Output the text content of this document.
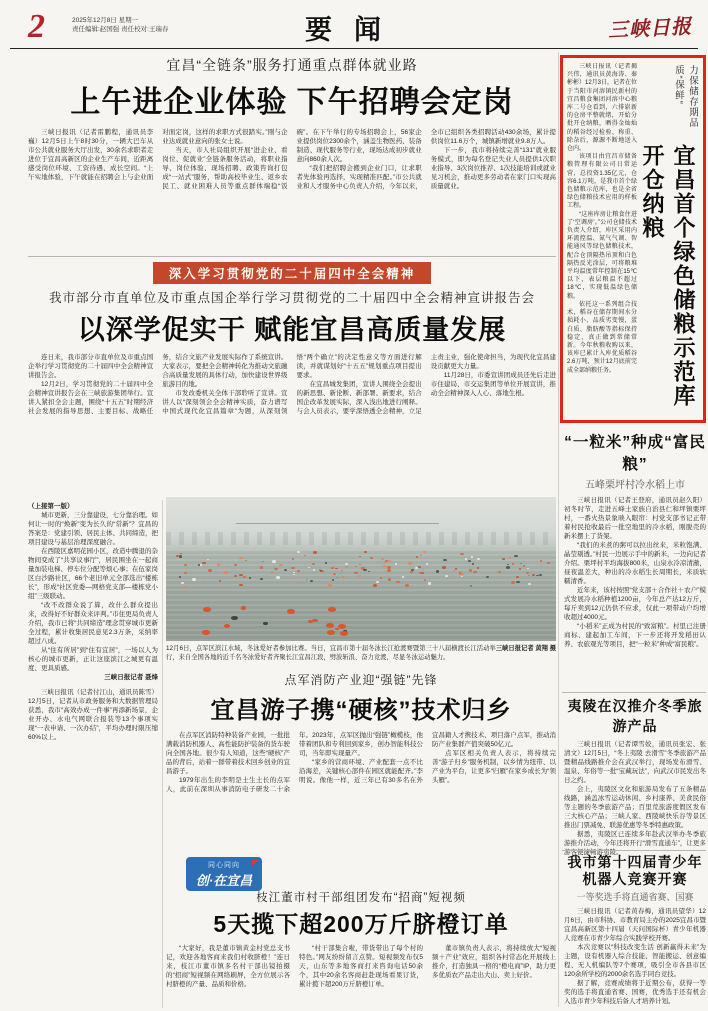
2	2025年12月8日 星期一
责任编辑:赵国强 责任校对:王瑞春	要闻	三峡日报
宜昌“全链条”服务打通重点群体就业路
上午进企业体验 下午招聘会定岗

三峡日报讯（记者雷鹏程，通讯员李巍）12月5日上午8时30分，一辆大巴车从市公共就业服务大厅出发，30余名求职者走进位于宜昌高新区的企业生产车间，近距离感受岗位环境、工资待遇、成长空间。“上午实地体验，下午就能在招聘会上与企业面对面定岗，这样的求职方式很踏实。”刚与企业达成就业意向的张女士说。

当天，市人社局组织开展“进企业、看岗位、促就业”全链条服务活动，将职业指导、岗位体验、现场招聘、政策咨询打包成“一站式”服务，帮助高校毕业生、返乡农民工、就业困难人员等重点群体端稳“饭碗”。在下午举行的专场招聘会上，56家企业提供岗位2300余个，涵盖生物医药、装备制造、现代服务等行业，现场达成初步就业意向860余人次。

“我们把招聘会搬到企业门口，让求职者先体验再选择，实现精准匹配。”市公共就业和人才服务中心负责人介绍，今年以来，全市已组织各类招聘活动430余场，累计提供岗位11.6万个，城镇新增就业9.8万人。

下一步，我市将持续完善“131”就业服务模式，即为每名登记失业人员提供1次职业指导、3次岗位推荐、1次技能培训或就业见习机会，推动更多劳动者在家门口实现高质量就业。

深入学习贯彻党的二十届四中全会精神
我市部分市直单位及市重点国企举行学习贯彻党的二十届四中全会精神宣讲报告会
以深学促实干 赋能宜昌高质量发展

连日来，我市部分市直单位及市重点国企举行学习贯彻党的二十届四中全会精神宣讲报告会。

12月2日，学习贯彻党的二十届四中全会精神宣讲报告会在三峡旅游集团举行。宣讲人紧扣全会主题，围绕“十五五”时期经济社会发展的指导思想、主要目标、战略任务，结合文旅产业发展实际作了系统宣讲。大家表示，要把全会精神转化为推动文旅融合高质量发展的具体行动，加快建设世界级旅游目的地。

市发改委机关全体干部聆听了宣讲。宣讲人以“深刻领会全会精神实质，奋力谱写中国式现代化宜昌篇章”为题，从深刻领悟“两个确立”的决定性意义等方面进行解读，并就谋划好“十五五”规划重点项目提出要求。

在宜昌城发集团，宣讲人围绕全会提出的新思想、新论断、新部署、新要求，结合国企改革发展实际，深入浅出地进行阐释。与会人员表示，要学深悟透全会精神，立足主责主业，强化使命担当，为现代化宜昌建设贡献更大力量。

11月28日，市委宣讲团成员还先后走进市住建局、市交运集团等单位开展宣讲，推动全会精神深入人心、落地生根。

（上接第一版）

城市更新，三分靠建设，七分靠治理。如何让一时的“焕新”变为长久的“常新”？宜昌的答案是：党建引领、居民主体、共同缔造，把项目建设与基层治理深度融合。

在西陵区嘉明花园小区，改造中腾退的杂物间变成了“共享议事厅”，居民围坐在一起商量加装电梯、停车位分配等烦心事；在伍家岗区白沙路社区，66个老旧单元全部选出“楼栋长”，形成“社区党委—网格党支部—楼栋党小组”三级联动。

“改不改群众说了算，改什么群众提出来，改得好不好群众来评判。”市住更局负责人介绍，我市已将“共同缔造”理念贯穿城市更新全过程，累计收集居民意见2.3万条，采纳率超过八成。

从“住有所居”到“住有宜居”，一场以人为核心的城市更新，正让这座滨江之城更有温度、更具质感。

三峡日报记者 聂烽

三峡日报讯（记者付江山，通讯员陈雪）12月5日，记者从市政务服务和大数据管理局获悉，我市“高效办成一件事”再添新场景，企业开办、水电气网联合报装等13个事项实现“一表申请、一次办结”，平均办理时限压缩60%以上。

三峡日报记者 黄翔 摄
12月6日，点军区滨江水域，冬泳爱好者参加比赛。当日，宜昌市第十届冬泳长江抢渡赛暨第三十八届横渡长江活动举行，来自全国各地的近千名冬泳爱好者齐聚长江宜昌江段，劈波斩浪、奋力竞渡，尽显冬泳运动魅力。
点军消防产业迎“强链”先锋
宜昌游子携“硬核”技术归乡

在点军区消防特种装备产业园，一批批满载消防机器人、高性能防护装备的货车驶向全国各地。很少有人知道，这些“硬核”产品的背后，站着一群带着技术回乡创业的宜昌游子。

1979年出生的李明是土生土长的点军人，此前在深圳从事消防电子研发二十余年。2023年，点军区抛出“强链”橄榄枝，他带着团队和专利回到家乡，创办智能科技公司，当年即实现量产。

“家乡的营商环境、产业配套一点不比沿海差，关键核心部件在园区就能配齐。”李明说。像他一样，近三年已有30多名在外宜昌籍人才携技术、项目落户点军，推动消防产业集群产值突破50亿元。

点军区相关负责人表示，将持续完善“游子归乡”服务机制，以乡情为纽带、以产业为平台，让更多“归雁”在家乡成长为“领头雁”。

同心同向
创·在宜昌
枝江董市村干部组团发布“招商”短视频
5天揽下超200万斤脐橙订单

“大家好，我是董市镇黄金村党总支书记，欢迎各地客商来我们村收脐橙！”连日来，枝江市董市镇多名村干部出镜拍摄的“招商”短视频在网络刷屏，全方位展示各村脐橙的产量、品质和价格。

“村干部集合啦，带货带出了每个村的特色。”网友纷纷留言点赞。短视频发布仅5天，山东等多地客商打来咨询电话50余个，其中20余名客商赶赴现场看果订货，累计揽下超200万斤脐橙订单。

董市镇负责人表示，将持续放大“短视频＋产业”效应，组织各村常态化开展线上推介，打造独具一格的“橙电商”IP，助力更多优质农产品走出大山、卖上好价。

三峡日报讯（记者揭兴伟，通讯员黄海涛、秦彬彬）12月3日，记者在位于当阳市河溶镇民新村的宜昌粮食集团河溶中心粮库二号仓看到，六排崭新的仓房平整就绪，开始分批开仓纳粮，晒得金灿灿的稻谷经过检验、称重、除杂后，源源不断地送入仓内。

该项目由宜昌市储备粮管理有限公司日常运营，总投资1.35亿元，仓容6.1万吨，是我市首个绿色储粮示范库，也是全省绿色储粮技术应用的样板工程。

“这座库房让粮食住进了‘空调房’。”公司仓储技术负责人介绍，库区采用内环流控温、氮气气调、智能通风等绿色储粮技术，配合仓顶隔热吊顶和白色隔热反光涂层，可将粮堆平均温度常年控制在15℃以下，表层粮温不超过18℃，实现低温绿色储粮。

依托这一系列组合技术，稻谷在储存期间水分损耗小、品质劣变慢，蛋白质、脂肪酸等指标保持稳定，真正做到常储常新。今年秋粮收购以来，该库已累计入库优质稻谷2.6万吨，预计12月底前完成全部纳粮任务。

力保储存期品质“保鲜”
宜昌首个绿色储粮示范库开仓纳粮
“一粒米”种成“富民粮”
五峰栗坪村冷水稻上市

三峡日报讯（记者王登府，通讯员赵久阳）初冬时节，走进五峰土家族自治县仁和坪镇栗坪村，一番火热景象映入眼帘：村党支部书记正带着村民抢收最后一批空地里的冷水稻，刚脱壳的新米摆上了货架。

“我们的米煮的粥可以拉出丝来，米粒饱满、晶莹剔透。”村民一边展示手中的新米，一边向记者介绍。栗坪村平均海拔800米，山泉水冷凉清澈，昼夜温差大，种出的冷水稻生长周期长，米质软糯清香。

近年来，该村按照“党支部＋合作社＋农户”模式发展冷水稻种植1200亩，今年总产达12万斤，每斤卖到12元仍供不应求，仅此一项带动户均增收超过4000元。

“小稻米”正成为村民的“致富粮”。村里已注册商标、建起加工车间，下一步还将开发稻田认养、农旅观光等项目，把“一粒米”种成“富民粮”。

夷陵在汉推介冬季旅游产品

三峡日报讯（记者谭雪姣，通讯员张宏、张清文）12月5日，“冬上夷陵 去滑雪”冬季旅游产品暨精品线路推介会在武汉举行，现场发布滑雪、温泉、年俗等一批“宝藏玩法”，向武汉市民发出冬日之约。

会上，夷陵区文化和旅游局发布了五条精品线路，涵盖冰雪运动休闲、乡村康养、美食民俗等主题的冬季旅游产品；百里荒旅游度假区发布三大核心产品；三峡人家、西陵峡快乐谷等景区推出门票减免、联游优惠等冬季特惠政策。

据悉，夷陵区已连续多年赴武汉举办冬季旅游推介活动，今年还将开行“滑雪直通车”，让更多游客便捷畅游夷陵。

我市第十四届青少年机器人竞赛开赛
一等奖选手将直通省赛、国赛

三峡日报讯（记者黄春梅，通讯员望华）12月6日，由市科协、市教育局主办的2025宜昌市暨宜昌高新区第十四届（天问国际杯）青少年机器人竞赛在市青少年综合实践学校开赛。

本次竞赛以“科技改变生活 创新赢得未来”为主题，设有机器人综合技能、智能搬运、创意编程、无人机编队等7个赛项，吸引全市各县市区120余所学校的2000余名选手同台竞技。

据了解，竞赛成绩将于近期公布，获得一等奖的选手将直通省赛、国赛，优秀选手还有机会入选市青少年科技后备人才培养计划。
